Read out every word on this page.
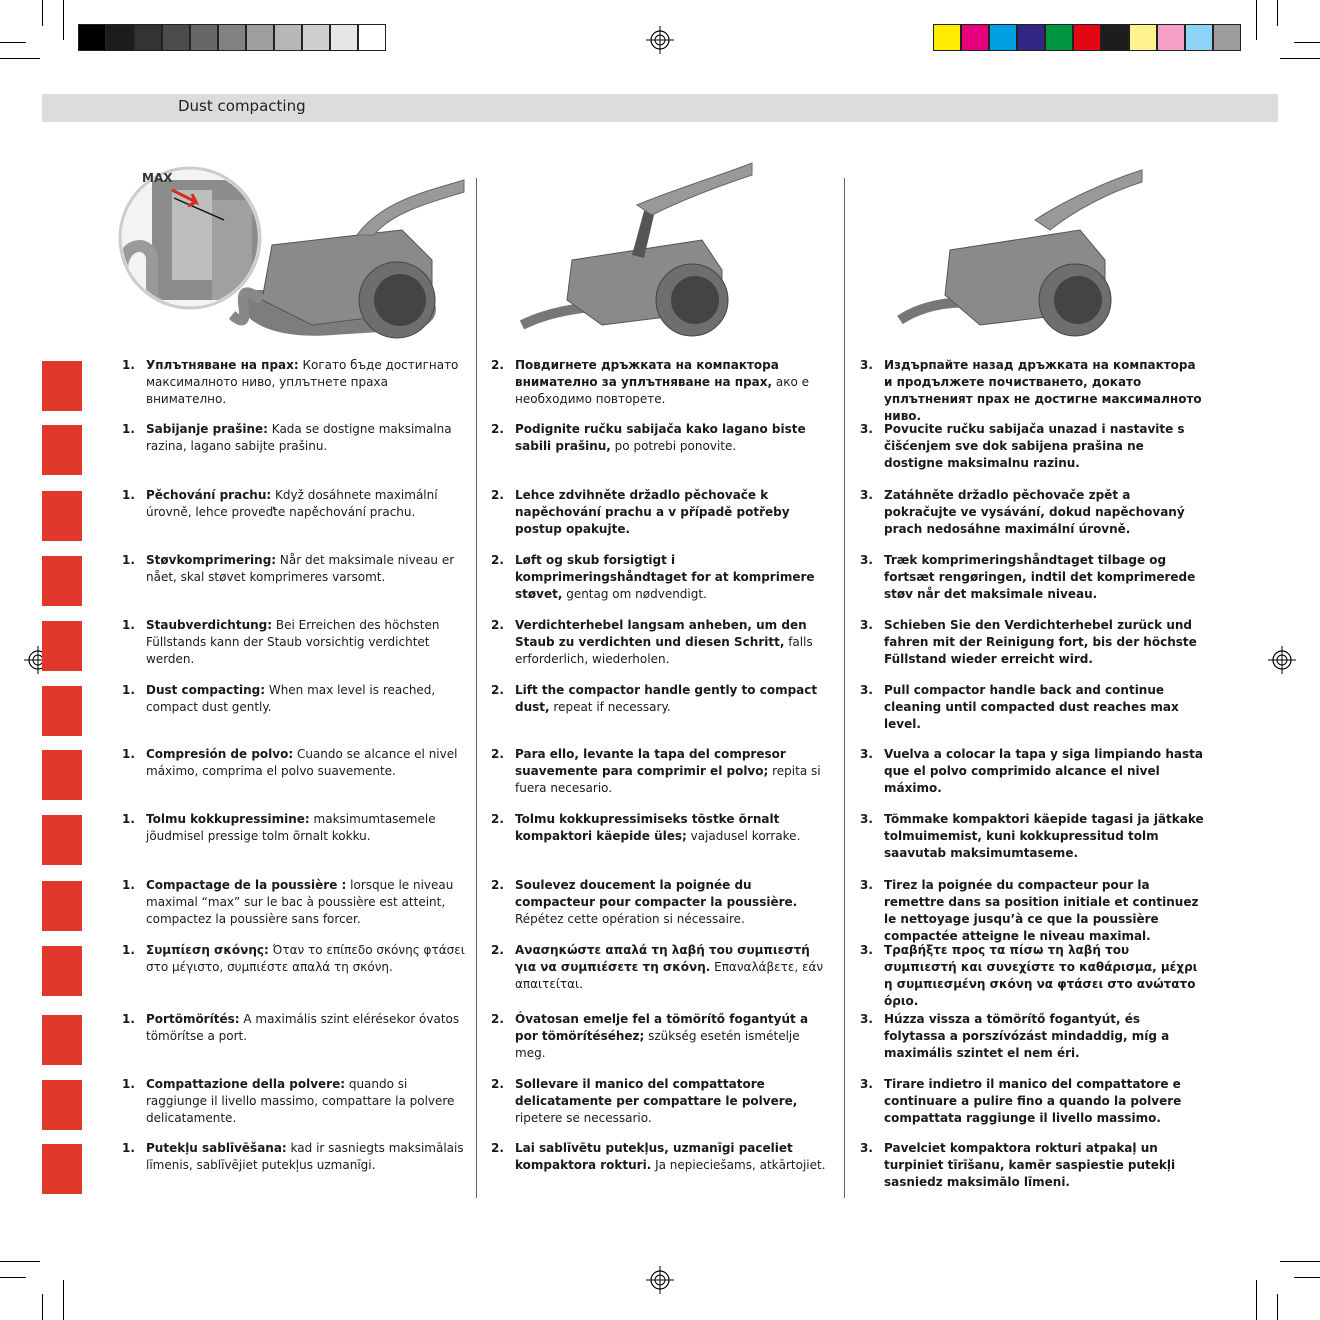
Dust compacting
MAX
1. Уплътняване на прах: Когато бъде достигнато максималното ниво, уплътнете праха внимателно.
2. Повдигнете дръжката на компактора внимателно за уплътняване на прах, ако е необходимо повторете.
3. Издърпайте назад дръжката на компактора и продължете почистването, докато уплътненият прах не достигне максималното ниво.
1. Sabijanje prašine: Kada se dostigne maksimalna razina, lagano sabijte prašinu.
2. Podignite ručku sabijača kako lagano biste sabili prašinu, po potrebi ponovite.
3. Povucite ručku sabijača unazad i nastavite s čišćenjem sve dok sabijena prašina ne dostigne maksimalnu razinu.
1. Pěchování prachu: Když dosáhnete maximální úrovně, lehce proveďte napěchování prachu.
2. Lehce zdvihněte držadlo pěchovače k napěchování prachu a v případě potřeby postup opakujte.
3. Zatáhněte držadlo pěchovače zpět a pokračujte ve vysávání, dokud napěchovaný prach nedosáhne maximální úrovně.
1. Støvkomprimering: Når det maksimale niveau er nået, skal støvet komprimeres varsomt.
2. Løft og skub forsigtigt i komprimeringshåndtaget for at komprimere støvet, gentag om nødvendigt.
3. Træk komprimeringshåndtaget tilbage og fortsæt rengøringen, indtil det komprimerede støv når det maksimale niveau.
1. Staubverdichtung: Bei Erreichen des höchsten Füllstands kann der Staub vorsichtig verdichtet werden.
2. Verdichterhebel langsam anheben, um den Staub zu verdichten und diesen Schritt, falls erforderlich, wiederholen.
3. Schieben Sie den Verdichterhebel zurück und fahren mit der Reinigung fort, bis der höchste Füllstand wieder erreicht wird.
1. Dust compacting: When max level is reached, compact dust gently.
2. Lift the compactor handle gently to compact dust, repeat if necessary.
3. Pull compactor handle back and continue cleaning until compacted dust reaches max level.
1. Compresión de polvo: Cuando se alcance el nivel máximo, comprima el polvo suavemente.
2. Para ello, levante la tapa del compresor suavemente para comprimir el polvo; repita si fuera necesario.
3. Vuelva a colocar la tapa y siga limpiando hasta que el polvo comprimido alcance el nivel máximo.
1. Tolmu kokkupressimine: maksimumtasemele jõudmisel pressige tolm õrnalt kokku.
2. Tolmu kokkupressimiseks tõstke õrnalt kompaktori käepide üles; vajadusel korrake.
3. Tõmmake kompaktori käepide tagasi ja jätkake tolmuimemist, kuni kokkupressitud tolm saavutab maksimumtaseme.
1. Compactage de la poussière : lorsque le niveau maximal “max” sur le bac à poussière est atteint, compactez la poussière sans forcer.
2. Soulevez doucement la poignée du compacteur pour compacter la poussière. Répétez cette opération si nécessaire.
3. Tirez la poignée du compacteur pour la remettre dans sa position initiale et continuez le nettoyage jusqu’à ce que la poussière compactée atteigne le niveau maximal.
1. Συμπίεση σκόνης: Όταν το επίπεδο σκόνης φτάσει στο μέγιστο, συμπιέστε απαλά τη σκόνη.
2. Ανασηκώστε απαλά τη λαβή του συμπιεστή για να συμπιέσετε τη σκόνη. Επαναλάβετε, εάν απαιτείται.
3. Τραβήξτε προς τα πίσω τη λαβή του συμπιεστή και συνεχίστε το καθάρισμα, μέχρι η συμπιεσμένη σκόνη να φτάσει στο ανώτατο όριο.
1. Portömörítés: A maximális szint elérésekor óvatos tömörítse a port.
2. Óvatosan emelje fel a tömörítő fogantyút a por tömörítéséhez; szükség esetén ismételje meg.
3. Húzza vissza a tömörítő fogantyút, és folytassa a porszívózást mindaddig, míg a maximális szintet el nem éri.
1. Compattazione della polvere: quando si raggiunge il livello massimo, compattare la polvere delicatamente.
2. Sollevare il manico del compattatore delicatamente per compattare le polvere, ripetere se necessario.
3. Tirare indietro il manico del compattatore e continuare a pulire fino a quando la polvere compattata raggiunge il livello massimo.
1. Putekļu sablīvēšana: kad ir sasniegts maksimālais līmenis, sablīvējiet putekļus uzmanīgi.
2. Lai sablīvētu putekļus, uzmanīgi paceliet kompaktora rokturi. Ja nepieciešams, atkārtojiet.
3. Pavelciet kompaktora rokturi atpakaļ un turpiniet tīrīšanu, kamēr saspiestie putekļi sasniedz maksimālo līmeni.
